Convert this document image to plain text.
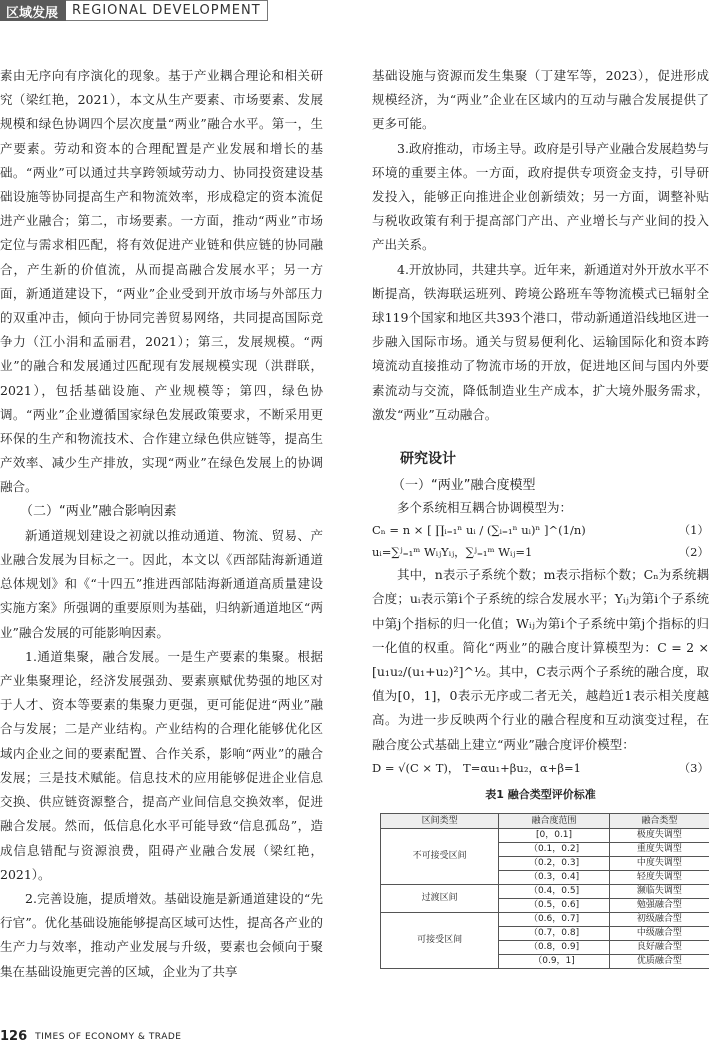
区域发展	REGIONAL DEVELOPMENT

素由无序向有序演化的现象。基于产业耦合理论和相关研究（梁红艳，2021），本文从生产要素、市场要素、发展规模和绿色协调四个层次度量“两业”融合水平。第一，生产要素。劳动和资本的合理配置是产业发展和增长的基础。“两业”可以通过共享跨领域劳动力、协同投资建设基础设施等协同提高生产和物流效率，形成稳定的资本流促进产业融合；第二，市场要素。一方面，推动“两业”市场定位与需求相匹配，将有效促进产业链和供应链的协同融合，产生新的价值流，从而提高融合发展水平；另一方面，新通道建设下，“两业”企业受到开放市场与外部压力的双重冲击，倾向于协同完善贸易网络，共同提高国际竞争力（江小涓和孟丽君，2021）；第三，发展规模。“两业”的融合和发展通过匹配现有发展规模实现（洪群联，2021），包括基础设施、产业规模等；第四，绿色协调。“两业”企业遵循国家绿色发展政策要求，不断采用更环保的生产和物流技术、合作建立绿色供应链等，提高生产效率、减少生产排放，实现“两业”在绿色发展上的协调融合。

（二）“两业”融合影响因素

新通道规划建设之初就以推动通道、物流、贸易、产业融合发展为目标之一。因此，本文以《西部陆海新通道总体规划》和《“十四五”推进西部陆海新通道高质量建设实施方案》所强调的重要原则为基础，归纳新通道地区“两业”融合发展的可能影响因素。

1.通道集聚，融合发展。一是生产要素的集聚。根据产业集聚理论，经济发展强劲、要素禀赋优势强的地区对于人才、资本等要素的集聚力更强，更可能促进“两业”融合与发展；二是产业结构。产业结构的合理化能够优化区域内企业之间的要素配置、合作关系，影响“两业”的融合发展；三是技术赋能。信息技术的应用能够促进企业信息交换、供应链资源整合，提高产业间信息交换效率，促进融合发展。然而，低信息化水平可能导致“信息孤岛”，造成信息错配与资源浪费，阻碍产业融合发展（梁红艳，2021）。

2.完善设施，提质增效。基础设施是新通道建设的“先行官”。优化基础设施能够提高区域可达性，提高各产业的生产力与效率，推动产业发展与升级，要素也会倾向于聚集在基础设施更完善的区域，企业为了共享

基础设施与资源而发生集聚（丁建军等，2023），促进形成规模经济，为“两业”企业在区域内的互动与融合发展提供了更多可能。

3.政府推动，市场主导。政府是引导产业融合发展趋势与环境的重要主体。一方面，政府提供专项资金支持，引导研发投入，能够正向推进企业创新绩效；另一方面，调整补贴与税收政策有利于提高部门产出、产业增长与产业间的投入产出关系。

4.开放协同，共建共享。近年来，新通道对外开放水平不断提高，铁海联运班列、跨境公路班车等物流模式已辐射全球119个国家和地区共393个港口，带动新通道沿线地区进一步融入国际市场。通关与贸易便利化、运输国际化和资本跨境流动直接推动了物流市场的开放，促进地区间与国内外要素流动与交流，降低制造业生产成本，扩大境外服务需求，激发“两业”互动融合。

研究设计

（一）“两业”融合度模型

多个系统相互耦合协调模型为：

Cₙ = n × [ ∏ᵢ₌₁ⁿ uᵢ / (∑ᵢ₌₁ⁿ uᵢ)ⁿ ]^(1/n)	（1）
uᵢ=∑ʲ₌₁ᵐ WᵢⱼYᵢⱼ，∑ʲ₌₁ᵐ Wᵢⱼ=1	（2）

其中，n表示子系统个数；m表示指标个数；Cₙ为系统耦合度；uᵢ表示第i个子系统的综合发展水平；Yᵢⱼ为第i个子系统中第j个指标的归一化值；Wᵢⱼ为第i个子系统中第j个指标的归一化值的权重。简化“两业”的融合度计算模型为：C = 2 × [u₁u₂/(u₁+u₂)²]^½。其中，C表示两个子系统的融合度，取值为[0，1]，0表示无序或二者无关，越趋近1表示相关度越高。为进一步反映两个行业的融合程度和互动演变过程，在融合度公式基础上建立“两业”融合度评价模型：

D = √(C × T)， T=αu₁+βu₂，α+β=1	（3）
表1 融合类型评价标准
区间类型	融合度范围	融合类型
不可接受区间	[0，0.1]	极度失调型
	（0.1，0.2]	重度失调型
	（0.2，0.3]	中度失调型
	（0.3，0.4]	轻度失调型
过渡区间	（0.4，0.5]	濒临失调型
	（0.5，0.6]	勉强融合型
可接受区间	（0.6，0.7]	初级融合型
	（0.7，0.8]	中级融合型
	（0.8，0.9]	良好融合型
	（0.9，1]	优质融合型
126 TIMES OF ECONOMY & TRADE
